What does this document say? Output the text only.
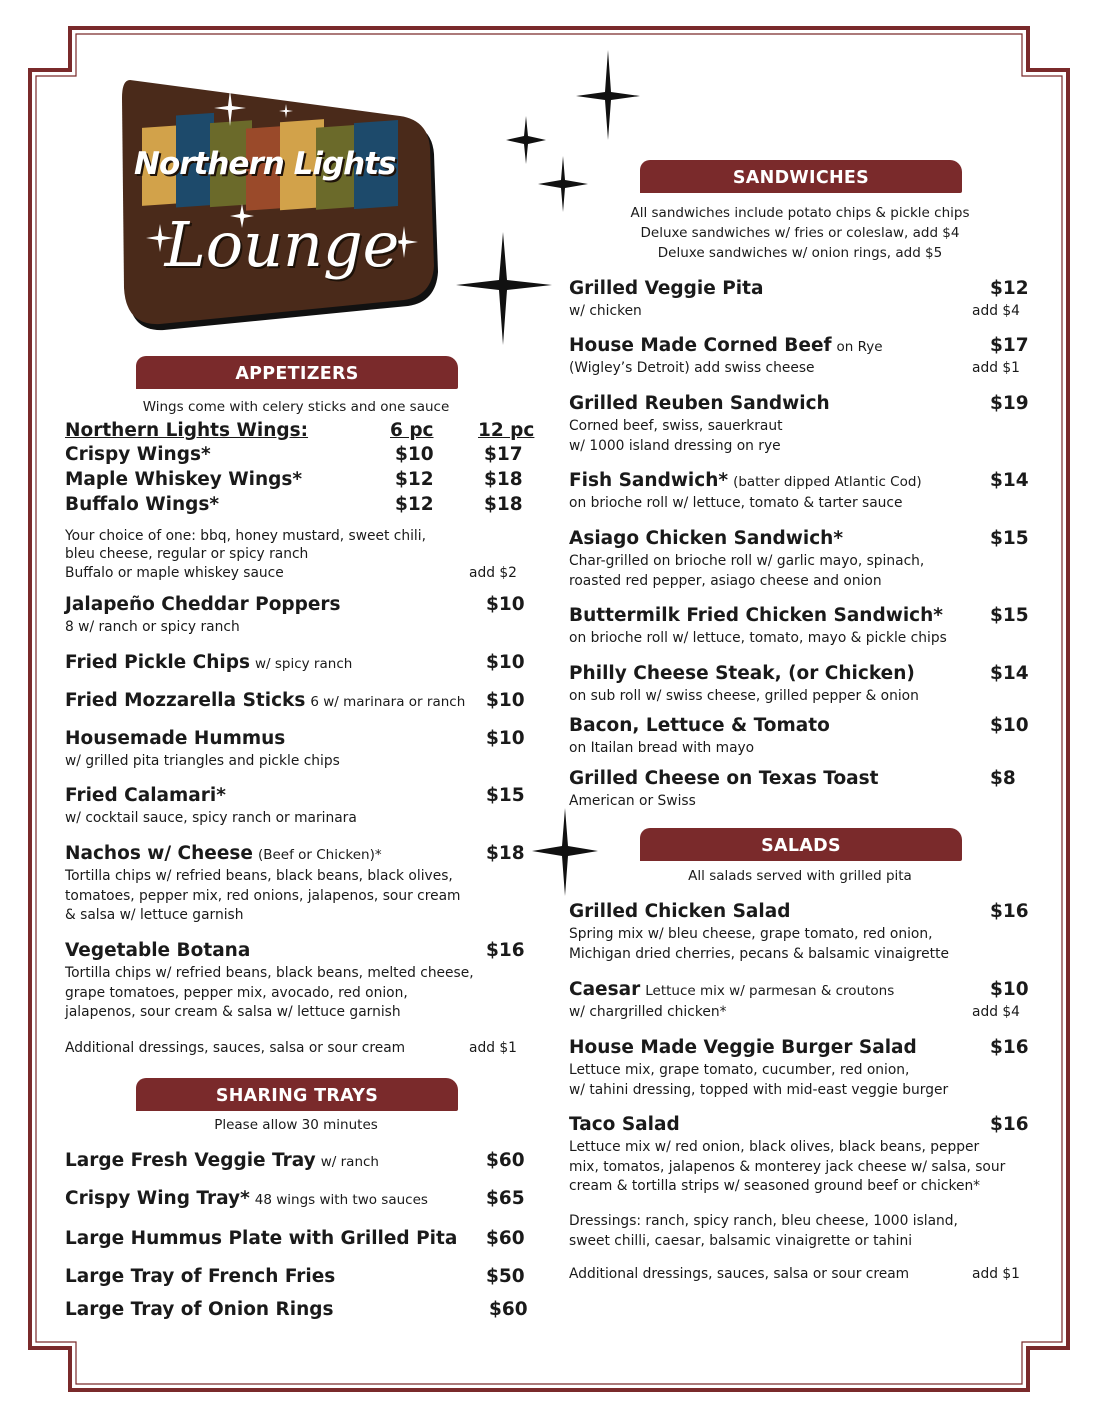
Northern Lights
Lounge
APPETIZERS
Wings come with celery sticks and one sauce
Northern Lights Wings:	6 pc 12 pc
Crispy Wings*	$10	$17
Maple Whiskey Wings*	$12	$18
Buffalo Wings*	$12	$18
Your choice of one: bbq, honey mustard, sweet chili,
bleu cheese, regular or spicy ranch
Buffalo or maple whiskey sauce	add $2
Jalapeño Cheddar Poppers	$10
8 w/ ranch or spicy ranch
Fried Pickle Chips w/ spicy ranch	$10
Fried Mozzarella Sticks 6 w/ marinara or ranch $10
Housemade Hummus	$10
w/ grilled pita triangles and pickle chips
Fried Calamari*	$15
w/ cocktail sauce, spicy ranch or marinara
Nachos w/ Cheese (Beef or Chicken)*	$18
Tortilla chips w/ refried beans, black beans, black olives,
tomatoes, pepper mix, red onions, jalapenos, sour cream
& salsa w/ lettuce garnish
Vegetable Botana	$16
Tortilla chips w/ refried beans, black beans, melted cheese,
grape tomatoes, pepper mix, avocado, red onion,
jalapenos, sour cream & salsa w/ lettuce garnish
Additional dressings, sauces, salsa or sour cream	add $1
SHARING TRAYS
Please allow 30 minutes
Large Fresh Veggie Tray w/ ranch	$60
Crispy Wing Tray* 48 wings with two sauces	$65
Large Hummus Plate with Grilled Pita $60
Large Tray of French Fries	$50
Large Tray of Onion Rings	$60
SANDWICHES
All sandwiches include potato chips & pickle chips
Deluxe sandwiches w/ fries or coleslaw, add $4
Deluxe sandwiches w/ onion rings, add $5
Grilled Veggie Pita	$12
w/ chicken	add $4
House Made Corned Beef on Rye	$17
(Wigley’s Detroit) add swiss cheese	add $1
Grilled Reuben Sandwich	$19
Corned beef, swiss, sauerkraut
w/ 1000 island dressing on rye
Fish Sandwich* (batter dipped Atlantic Cod)	$14
on brioche roll w/ lettuce, tomato & tarter sauce
Asiago Chicken Sandwich*	$15
Char-grilled on brioche roll w/ garlic mayo, spinach,
roasted red pepper, asiago cheese and onion
Buttermilk Fried Chicken Sandwich*	$15
on brioche roll w/ lettuce, tomato, mayo & pickle chips
Philly Cheese Steak, (or Chicken)	$14
on sub roll w/ swiss cheese, grilled pepper & onion
Bacon, Lettuce & Tomato	$10
on Itailan bread with mayo
Grilled Cheese on Texas Toast	$8
American or Swiss
SALADS
All salads served with grilled pita
Grilled Chicken Salad	$16
Spring mix w/ bleu cheese, grape tomato, red onion,
Michigan dried cherries, pecans & balsamic vinaigrette
Caesar Lettuce mix w/ parmesan & croutons	$10
w/ chargrilled chicken*	add $4
House Made Veggie Burger Salad	$16
Lettuce mix, grape tomato, cucumber, red onion,
w/ tahini dressing, topped with mid-east veggie burger
Taco Salad	$16
Lettuce mix w/ red onion, black olives, black beans, pepper
mix, tomatos, jalapenos & monterey jack cheese w/ salsa, sour
cream & tortilla strips w/ seasoned ground beef or chicken*
Dressings: ranch, spicy ranch, bleu cheese, 1000 island,
sweet chilli, caesar, balsamic vinaigrette or tahini
Additional dressings, sauces, salsa or sour cream	add $1
